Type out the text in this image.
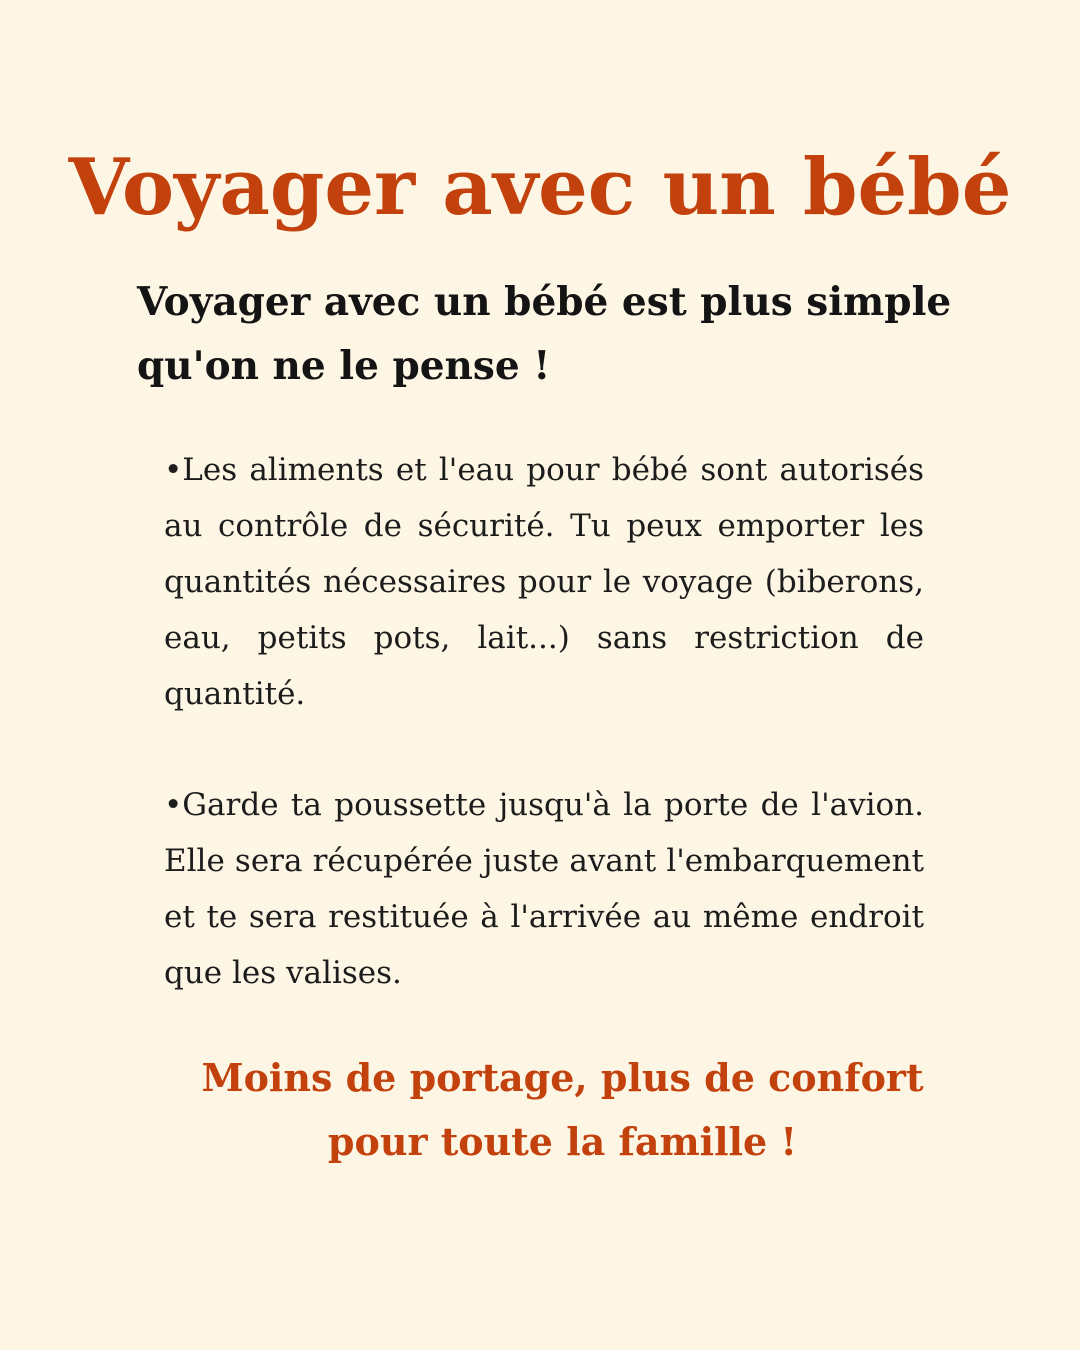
Voyager avec un bébé
Voyager avec un bébé est plus simple qu'on ne le pense !

•Les aliments et l'eau pour bébé sont autorisés au contrôle de sécurité. Tu peux emporter les quantités nécessaires pour le voyage (biberons, eau, petits pots, lait...) sans restriction de quantité.

•Garde ta poussette jusqu'à la porte de l'avion. Elle sera récupérée juste avant l'embarquement et te sera restituée à l'arrivée au même endroit que les valises.

Moins de portage, plus de confort pour toute la famille !
